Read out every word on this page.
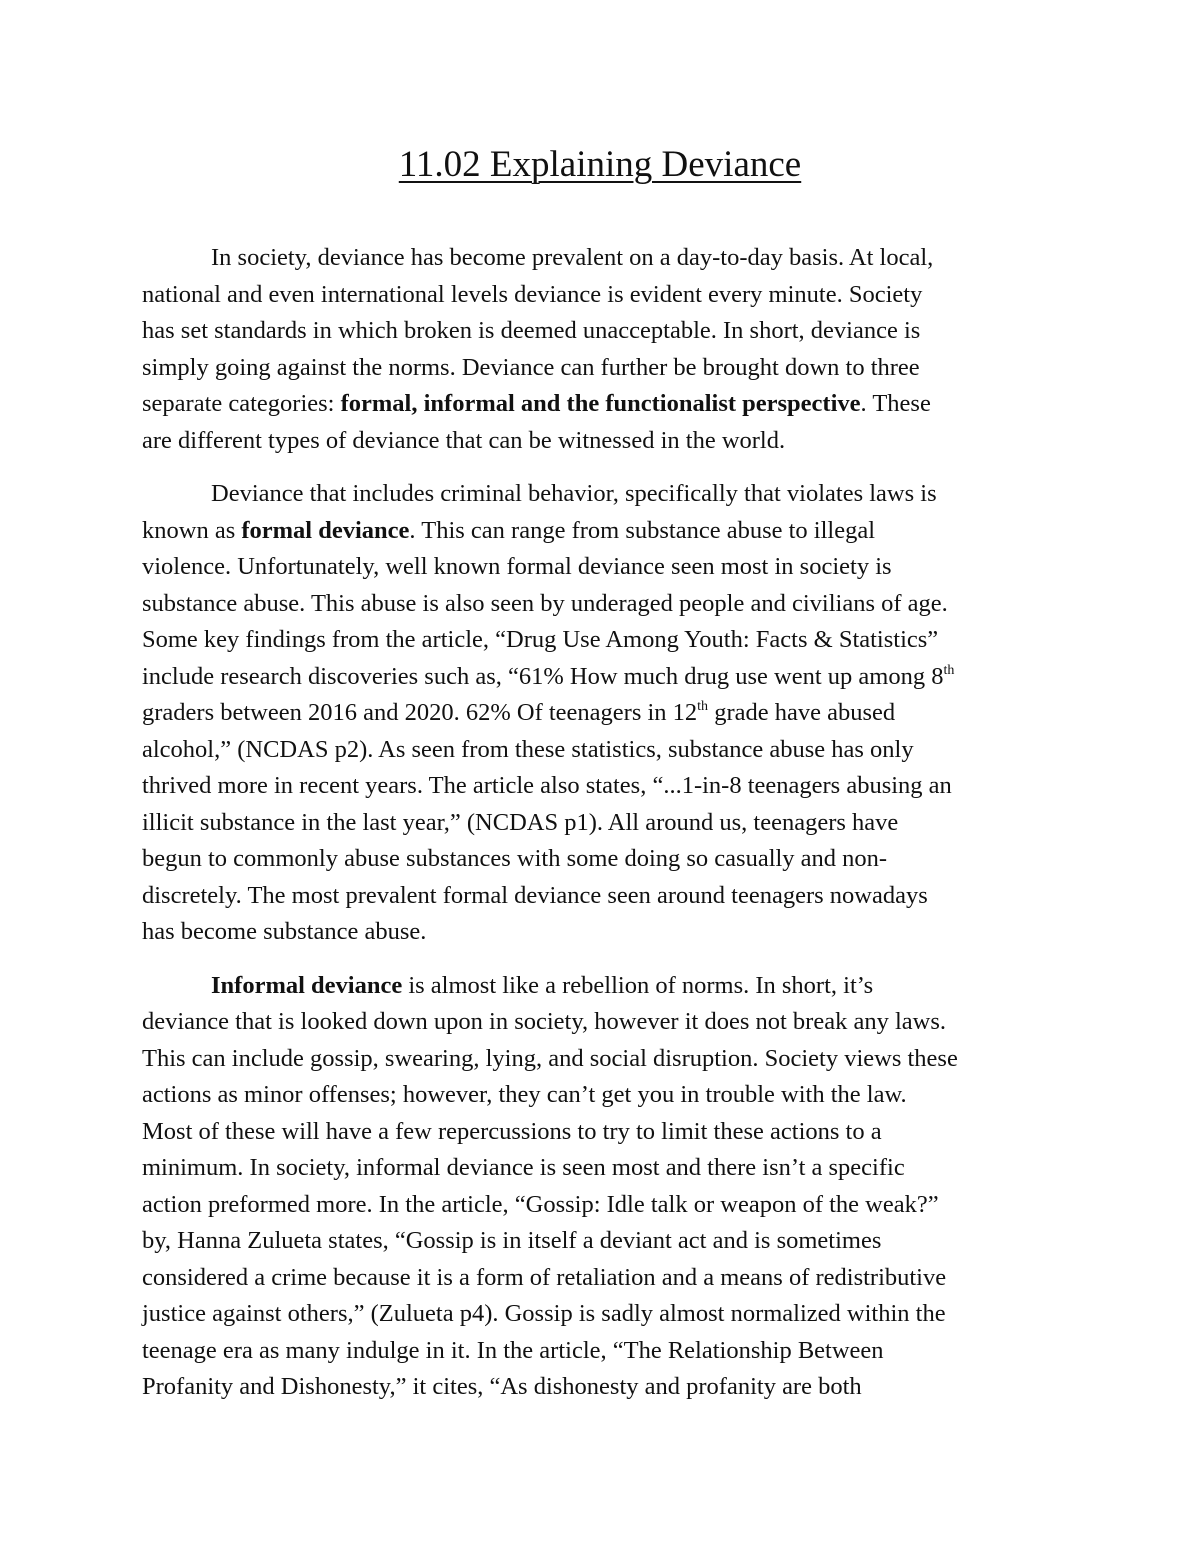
11.02 Explaining Deviance
In society, deviance has become prevalent on a day-to-day basis. At local,
national and even international levels deviance is evident every minute. Society
has set standards in which broken is deemed unacceptable. In short, deviance is
simply going against the norms. Deviance can further be brought down to three
separate categories: formal, informal and the functionalist perspective. These
are different types of deviance that can be witnessed in the world.
Deviance that includes criminal behavior, specifically that violates laws is
known as formal deviance. This can range from substance abuse to illegal
violence. Unfortunately, well known formal deviance seen most in society is
substance abuse. This abuse is also seen by underaged people and civilians of age.
Some key findings from the article, “Drug Use Among Youth: Facts & Statistics”
include research discoveries such as, “61% How much drug use went up among 8th
graders between 2016 and 2020. 62% Of teenagers in 12th grade have abused
alcohol,” (NCDAS p2). As seen from these statistics, substance abuse has only
thrived more in recent years. The article also states, “...1-in-8 teenagers abusing an
illicit substance in the last year,” (NCDAS p1). All around us, teenagers have
begun to commonly abuse substances with some doing so casually and non-
discretely. The most prevalent formal deviance seen around teenagers nowadays
has become substance abuse.
Informal deviance is almost like a rebellion of norms. In short, it’s
deviance that is looked down upon in society, however it does not break any laws.
This can include gossip, swearing, lying, and social disruption. Society views these
actions as minor offenses; however, they can’t get you in trouble with the law.
Most of these will have a few repercussions to try to limit these actions to a
minimum. In society, informal deviance is seen most and there isn’t a specific
action preformed more. In the article, “Gossip: Idle talk or weapon of the weak?”
by, Hanna Zulueta states, “Gossip is in itself a deviant act and is sometimes
considered a crime because it is a form of retaliation and a means of redistributive
justice against others,” (Zulueta p4). Gossip is sadly almost normalized within the
teenage era as many indulge in it. In the article, “The Relationship Between
Profanity and Dishonesty,” it cites, “As dishonesty and profanity are both
